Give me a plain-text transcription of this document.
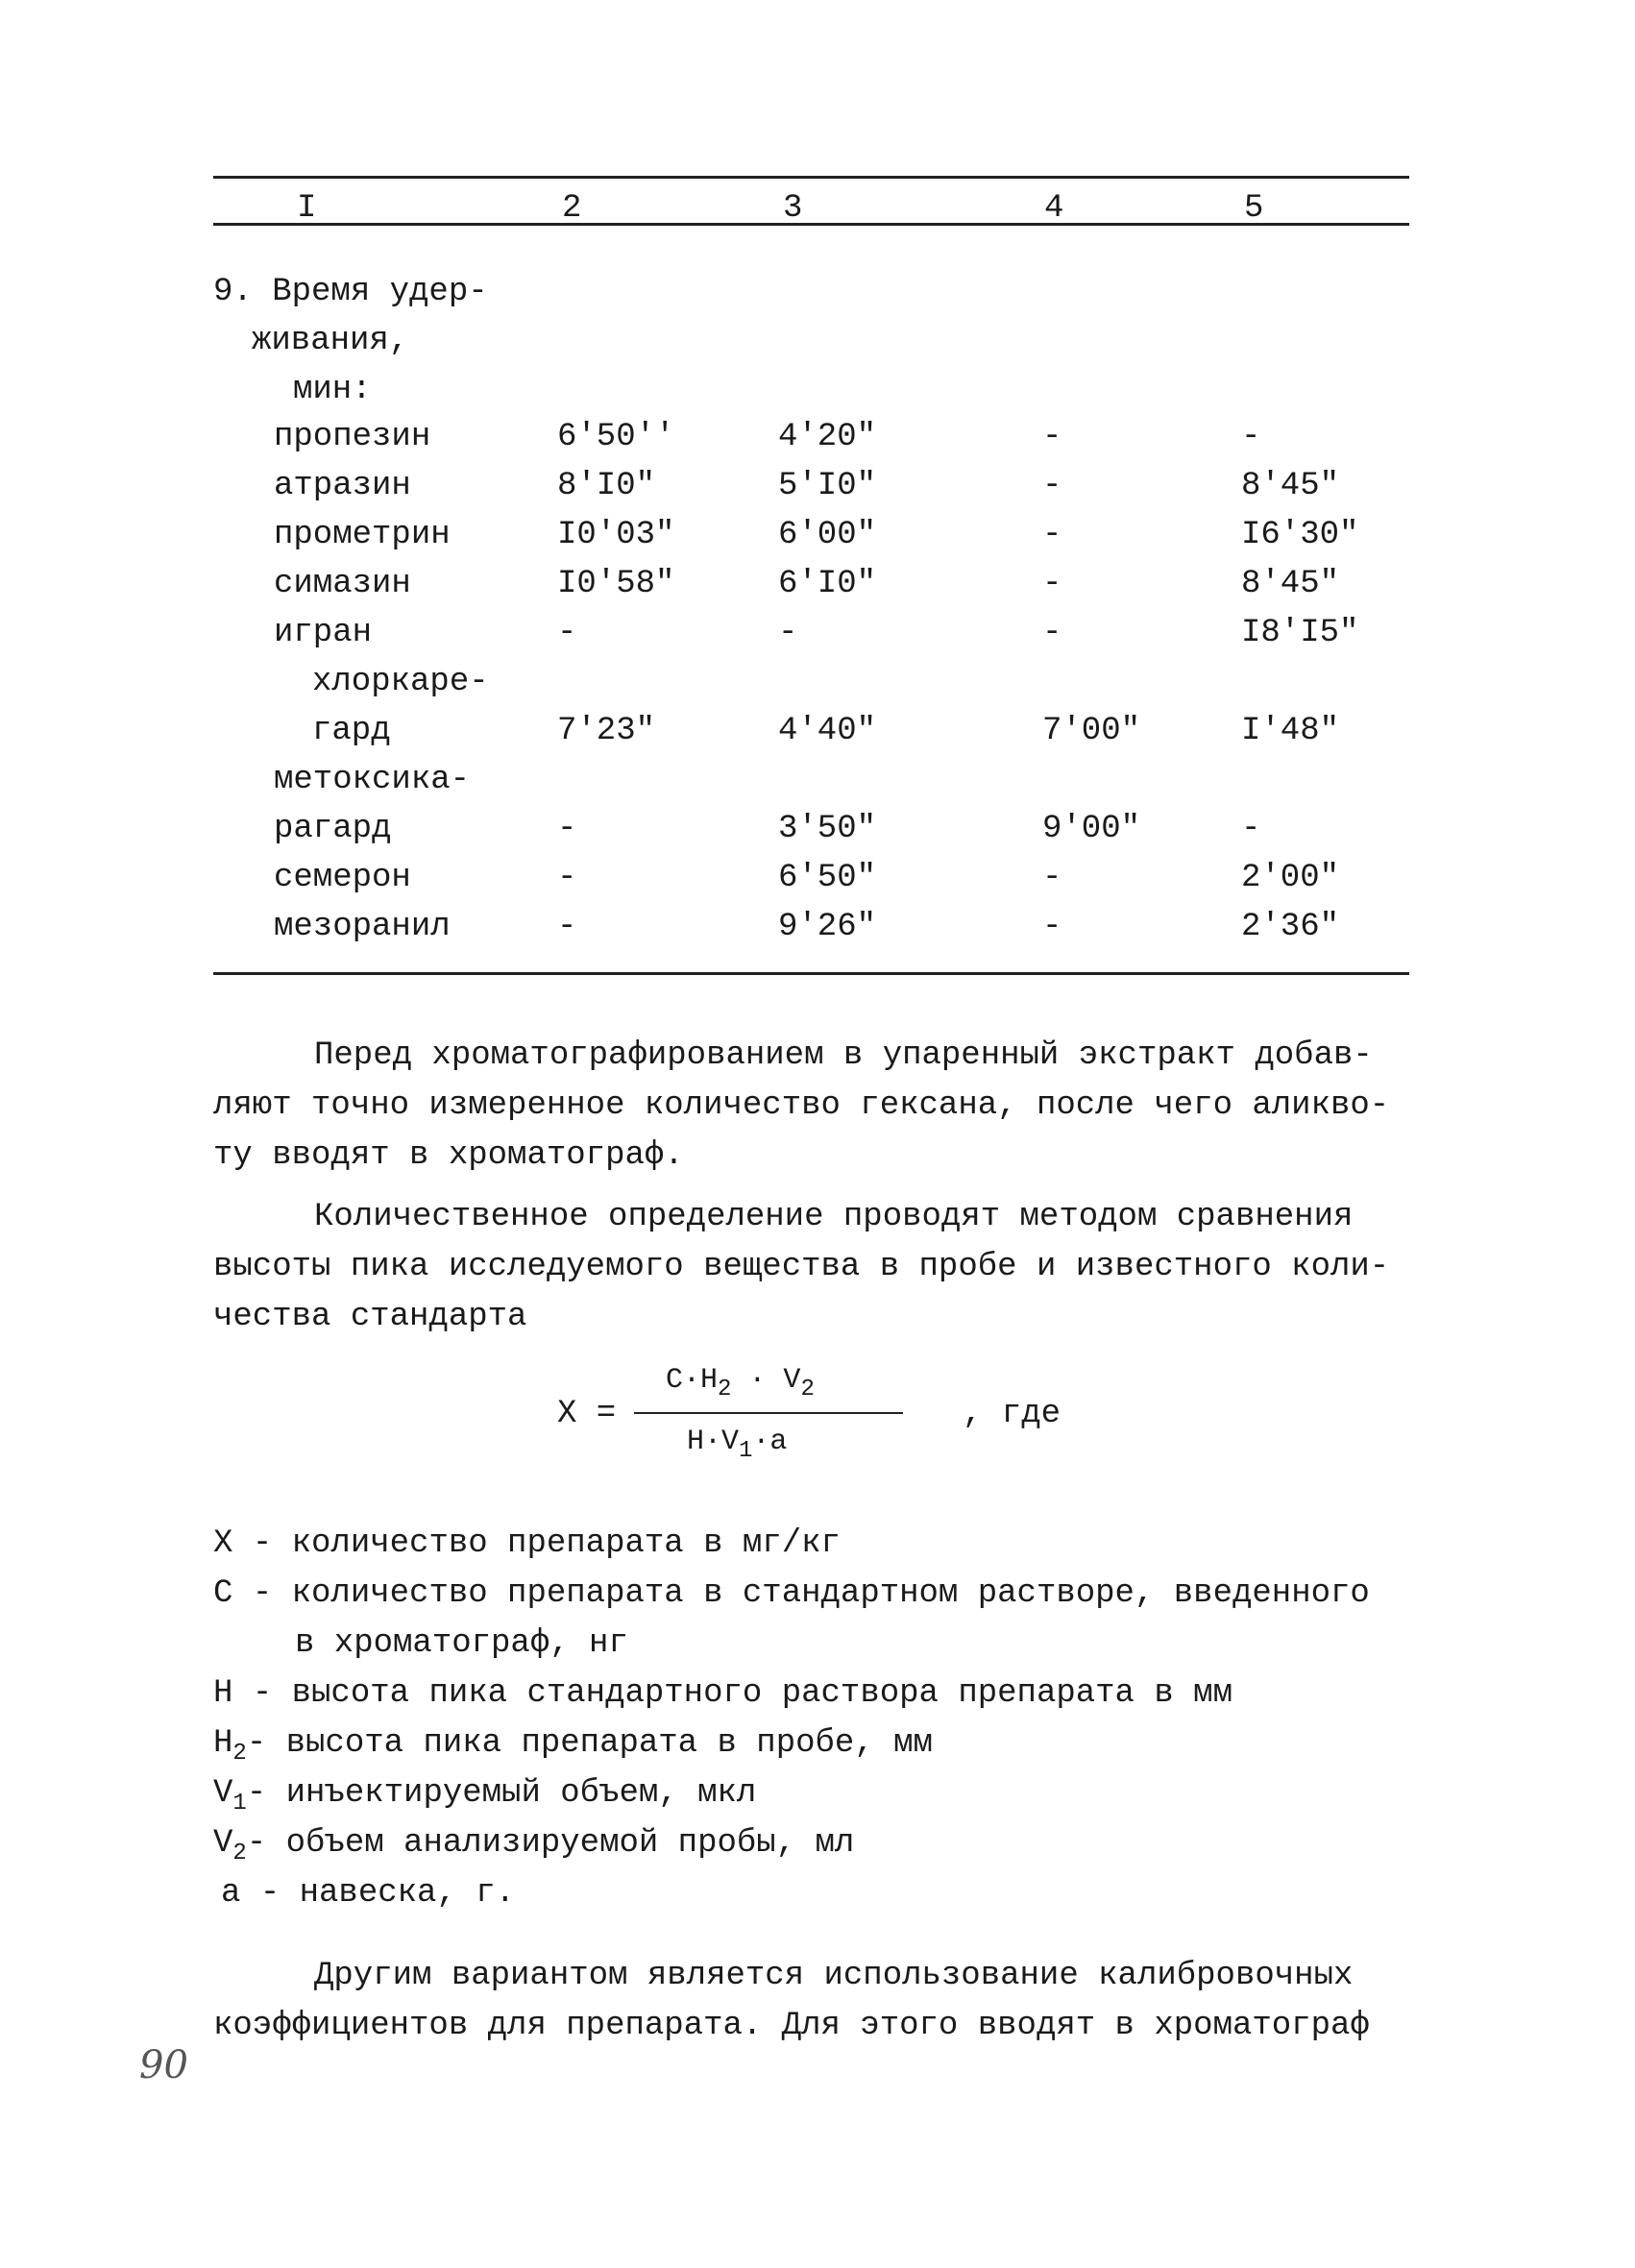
I	2	3	4	5
9. Время удер-
живания,
мин:
пропезин	6'50''	4'20"	-	-
атразин	8'I0"	5'I0"	-	8'45"
прометрин	I0'03"	6'00"	-	I6'30"
симазин	I0'58"	6'I0"	-	8'45"
игран	-	-	-	I8'I5"
хлоркаре-
гард	7'23"	4'40"	7'00"	I'48"
метоксика-
рагард	-	3'50"	9'00"	-
семерон	-	6'50"	-	2'00"
мезоранил	-	9'26"	-	2'36"
Перед хроматографированием в упаренный экстракт добав-
ляют точно измеренное количество гексана, после чего аликво-
ту вводят в хроматограф.
Количественное определение проводят методом сравнения
высоты пика исследуемого вещества в пробе и известного коли-
чества стандарта
X =
$C\cdot H_2 \cdot V_2$
$H\cdot V_1\cdot a$
, где
X - количество препарата в мг/кг
C - количество препарата в стандартном растворе, введенного
в хроматограф, нг
H - высота пика стандартного раствора препарата в мм
$H_2-$ высота пика препарата в пробе, мм
$V_1-$ инъектируемый объем, мкл
$V_2-$ объем анализируемой пробы, мл
a - навеска, г.
Другим вариантом является использование калибровочных
коэффициентов для препарата. Для этого вводят в хроматограф
90
